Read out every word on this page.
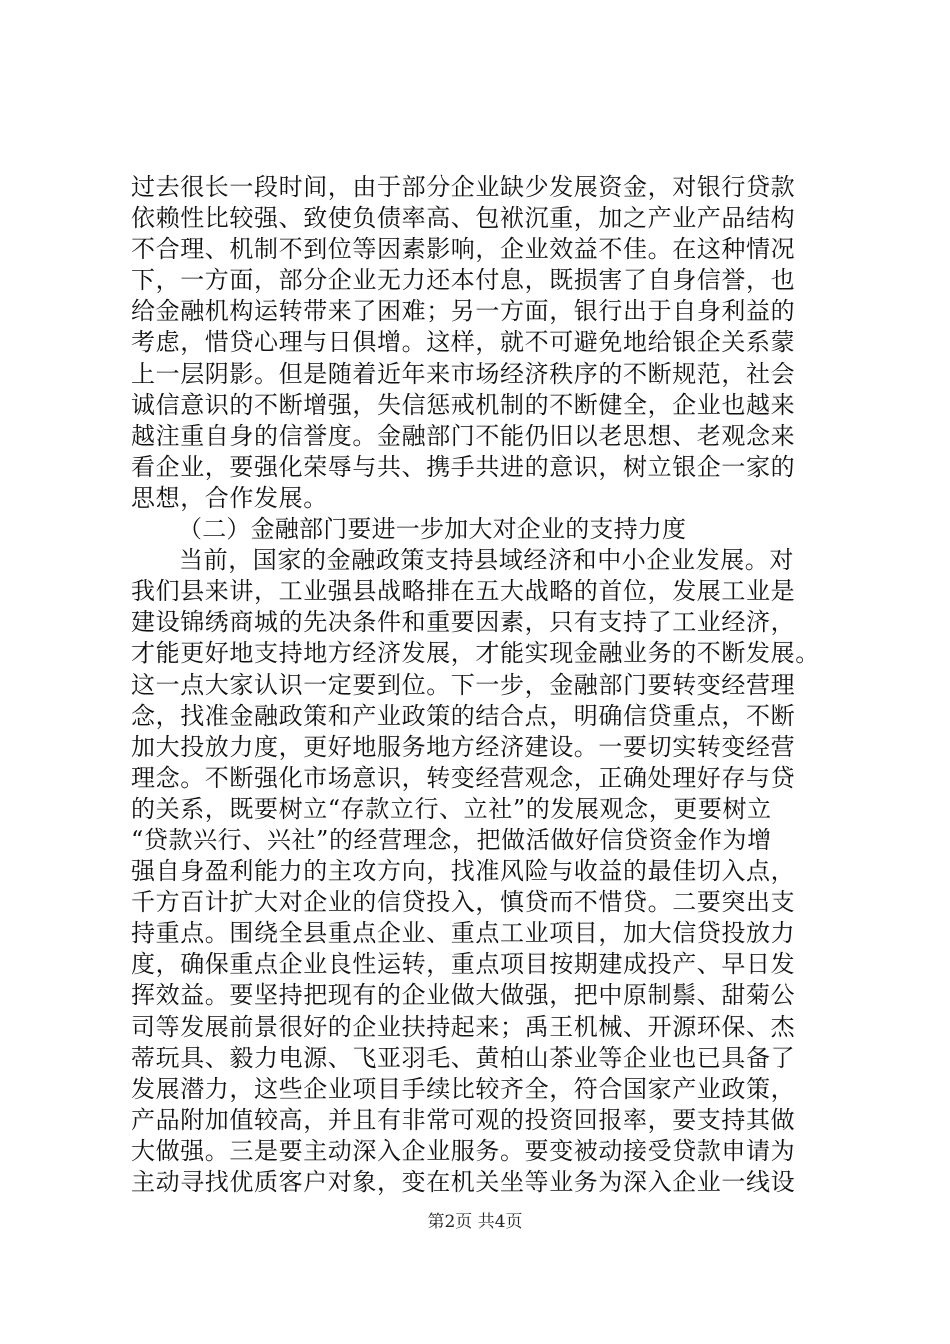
过去很长一段时间，由于部分企业缺少发展资金，对银行贷款
依赖性比较强、致使负债率高、包袱沉重，加之产业产品结构
不合理、机制不到位等因素影响，企业效益不佳。在这种情况
下，一方面，部分企业无力还本付息，既损害了自身信誉，也
给金融机构运转带来了困难；另一方面，银行出于自身利益的
考虑，惜贷心理与日俱增。这样，就不可避免地给银企关系蒙
上一层阴影。但是随着近年来市场经济秩序的不断规范，社会
诚信意识的不断增强，失信惩戒机制的不断健全，企业也越来
越注重自身的信誉度。金融部门不能仍旧以老思想、老观念来
看企业，要强化荣辱与共、携手共进的意识，树立银企一家的
思想，合作发展。
（二）金融部门要进一步加大对企业的支持力度
当前，国家的金融政策支持县域经济和中小企业发展。对
我们县来讲，工业强县战略排在五大战略的首位，发展工业是
建设锦绣商城的先决条件和重要因素，只有支持了工业经济，
才能更好地支持地方经济发展，才能实现金融业务的不断发展。
这一点大家认识一定要到位。下一步，金融部门要转变经营理
念，找准金融政策和产业政策的结合点，明确信贷重点，不断
加大投放力度，更好地服务地方经济建设。一要切实转变经营
理念。不断强化市场意识，转变经营观念，正确处理好存与贷
的关系，既要树立“存款立行、立社”的发展观念，更要树立
“贷款兴行、兴社”的经营理念，把做活做好信贷资金作为增
强自身盈利能力的主攻方向，找准风险与收益的最佳切入点，
千方百计扩大对企业的信贷投入，慎贷而不惜贷。二要突出支
持重点。围绕全县重点企业、重点工业项目，加大信贷投放力
度，确保重点企业良性运转，重点项目按期建成投产、早日发
挥效益。要坚持把现有的企业做大做强，把中原制鬃、甜菊公
司等发展前景很好的企业扶持起来；禹王机械、开源环保、杰
蒂玩具、毅力电源、飞亚羽毛、黄柏山茶业等企业也已具备了
发展潜力，这些企业项目手续比较齐全，符合国家产业政策，
产品附加值较高，并且有非常可观的投资回报率，要支持其做
大做强。三是要主动深入企业服务。要变被动接受贷款申请为
主动寻找优质客户对象，变在机关坐等业务为深入企业一线设
第2页 共4页
